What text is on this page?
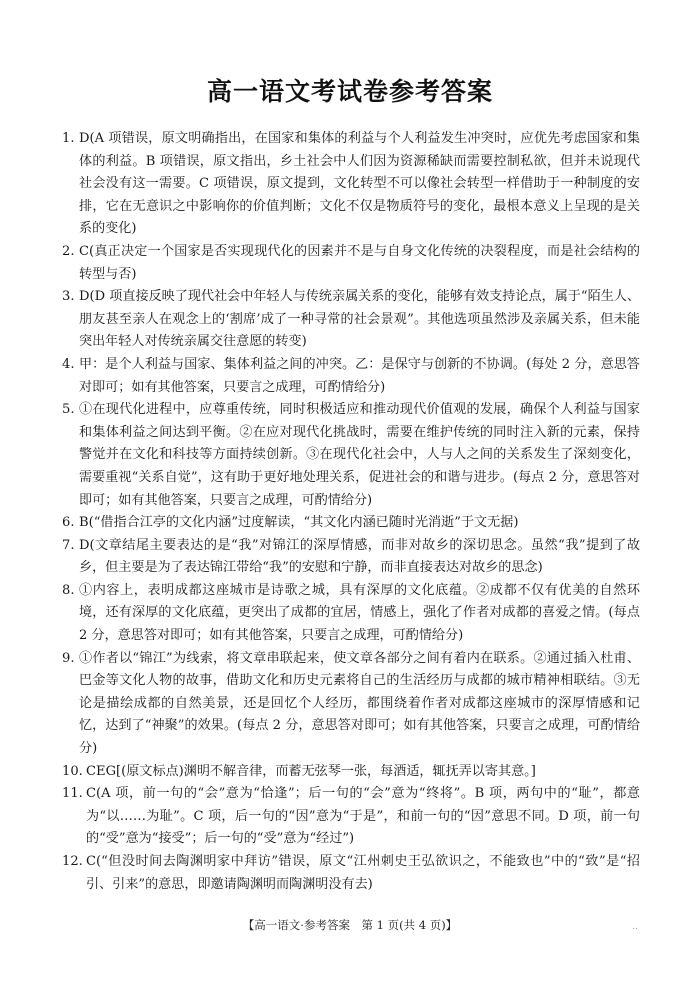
高一语文考试卷参考答案

1. D(A 项错误，原文明确指出，在国家和集体的利益与个人利益发生冲突时，应优先考虑国家和集体的利益。B 项错误，原文指出，乡土社会中人们因为资源稀缺而需要控制私欲，但并未说现代社会没有这一需要。C 项错误，原文提到，文化转型不可以像社会转型一样借助于一种制度的安排，它在无意识之中影响你的价值判断；文化不仅是物质符号的变化，最根本意义上呈现的是关系的变化)

2. C(真正决定一个国家是否实现现代化的因素并不是与自身文化传统的决裂程度，而是社会结构的转型与否)

3. D(D 项直接反映了现代社会中年轻人与传统亲属关系的变化，能够有效支持论点，属于“陌生人、朋友甚至亲人在观念上的‘割席’成了一种寻常的社会景观”。其他选项虽然涉及亲属关系，但未能突出年轻人对传统亲属交往意愿的转变)

4. 甲：是个人利益与国家、集体利益之间的冲突。乙：是保守与创新的不协调。(每处 2 分，意思答对即可；如有其他答案，只要言之成理，可酌情给分)

5. ①在现代化进程中，应尊重传统，同时积极适应和推动现代价值观的发展，确保个人利益与国家和集体利益之间达到平衡。②在应对现代化挑战时，需要在维护传统的同时注入新的元素，保持警觉并在文化和科技等方面持续创新。③在现代化社会中，人与人之间的关系发生了深刻变化，需要重视“关系自觉”，这有助于更好地处理关系，促进社会的和谐与进步。(每点 2 分，意思答对即可；如有其他答案，只要言之成理，可酌情给分)

6. B(“借指合江亭的文化内涵”过度解读，“其文化内涵已随时光消逝”于文无据)

7. D(文章结尾主要表达的是“我”对锦江的深厚情感，而非对故乡的深切思念。虽然“我”提到了故乡，但主要是为了表达锦江带给“我”的安慰和宁静，而非直接表达对故乡的思念)

8. ①内容上，表明成都这座城市是诗歌之城，具有深厚的文化底蕴。②成都不仅有优美的自然环境，还有深厚的文化底蕴，更突出了成都的宜居，情感上，强化了作者对成都的喜爱之情。(每点 2 分，意思答对即可；如有其他答案，只要言之成理，可酌情给分)

9. ①作者以“锦江”为线索，将文章串联起来，使文章各部分之间有着内在联系。②通过插入杜甫、巴金等文化人物的故事，借助文化和历史元素将自己的生活经历与成都的城市精神相联结。③无论是描绘成都的自然美景，还是回忆个人经历，都围绕着作者对成都这座城市的深厚情感和记忆，达到了“神聚”的效果。(每点 2 分，意思答对即可；如有其他答案，只要言之成理，可酌情给分)

10. CEG[(原文标点)渊明不解音律，而蓄无弦琴一张，每酒适，辄抚弄以寄其意。]

11. C(A 项，前一句的“会”意为“恰逢”；后一句的“会”意为“终将”。B 项，两句中的“耻”，都意为“以……为耻”。C 项，后一句的“因”意为“于是”，和前一句的“因”意思不同。D 项，前一句的“受”意为“接受”；后一句的“受”意为“经过”)

12. C(“但没时间去陶渊明家中拜访”错误，原文“江州刺史王弘欲识之，不能致也”中的“致”是“招引、引来”的意思，即邀请陶渊明而陶渊明没有去)

【高一语文·参考答案　第 1 页(共 4 页)】	..
